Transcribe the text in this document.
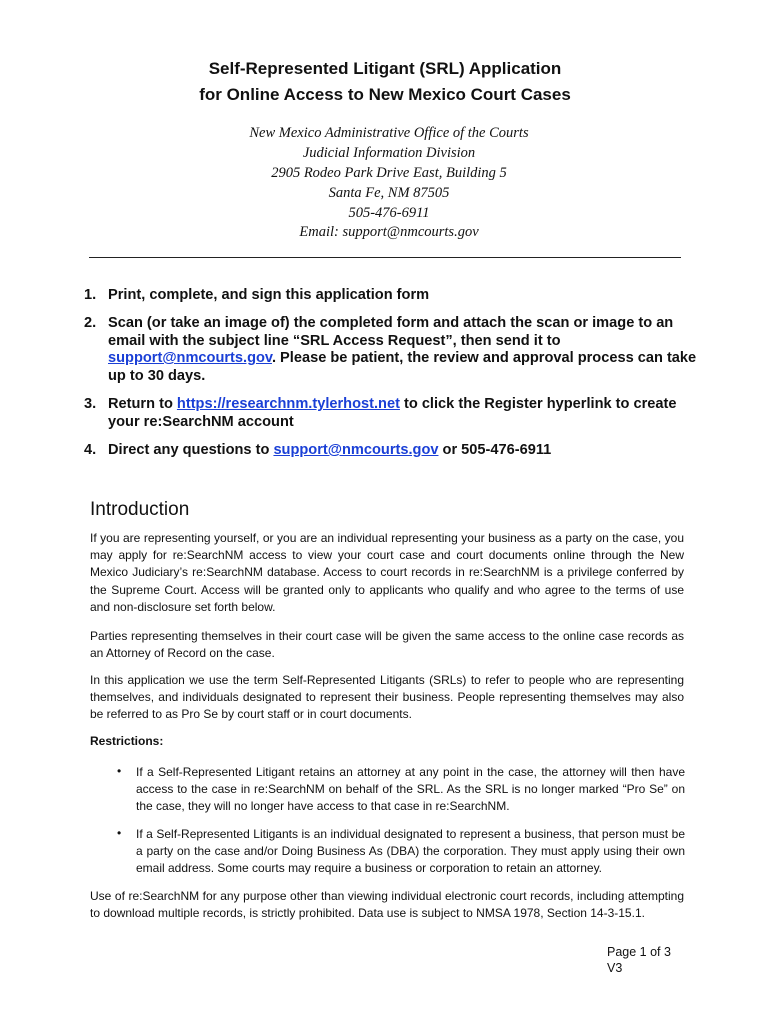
Self-Represented Litigant (SRL) Application
for Online Access to New Mexico Court Cases
New Mexico Administrative Office of the Courts
Judicial Information Division
2905 Rodeo Park Drive East, Building 5
Santa Fe, NM 87505
505-476-6911
Email: support@nmcourts.gov
1. Print, complete, and sign this application form
2. Scan (or take an image of) the completed form and attach the scan or image to an email with the subject line “SRL Access Request”, then send it to support@nmcourts.gov. Please be patient, the review and approval process can take up to 30 days.
3. Return to https://researchnm.tylerhost.net to click the Register hyperlink to create your re:SearchNM account
4. Direct any questions to support@nmcourts.gov or 505-476-6911
Introduction
If you are representing yourself, or you are an individual representing your business as a party on the case, you may apply for re:SearchNM access to view your court case and court documents online through the New Mexico Judiciary’s re:SearchNM database. Access to court records in re:SearchNM is a privilege conferred by the Supreme Court. Access will be granted only to applicants who qualify and who agree to the terms of use and non-disclosure set forth below.
Parties representing themselves in their court case will be given the same access to the online case records as an Attorney of Record on the case.
In this application we use the term Self-Represented Litigants (SRLs) to refer to people who are representing themselves, and individuals designated to represent their business. People representing themselves may also be referred to as Pro Se by court staff or in court documents.
Restrictions:
• If a Self-Represented Litigant retains an attorney at any point in the case, the attorney will then have access to the case in re:SearchNM on behalf of the SRL. As the SRL is no longer marked “Pro Se” on the case, they will no longer have access to that case in re:SearchNM.
• If a Self-Represented Litigants is an individual designated to represent a business, that person must be a party on the case and/or Doing Business As (DBA) the corporation. They must apply using their own email address. Some courts may require a business or corporation to retain an attorney.
Use of re:SearchNM for any purpose other than viewing individual electronic court records, including attempting to download multiple records, is strictly prohibited. Data use is subject to NMSA 1978, Section 14-3-15.1.
Page 1 of 3
V3
